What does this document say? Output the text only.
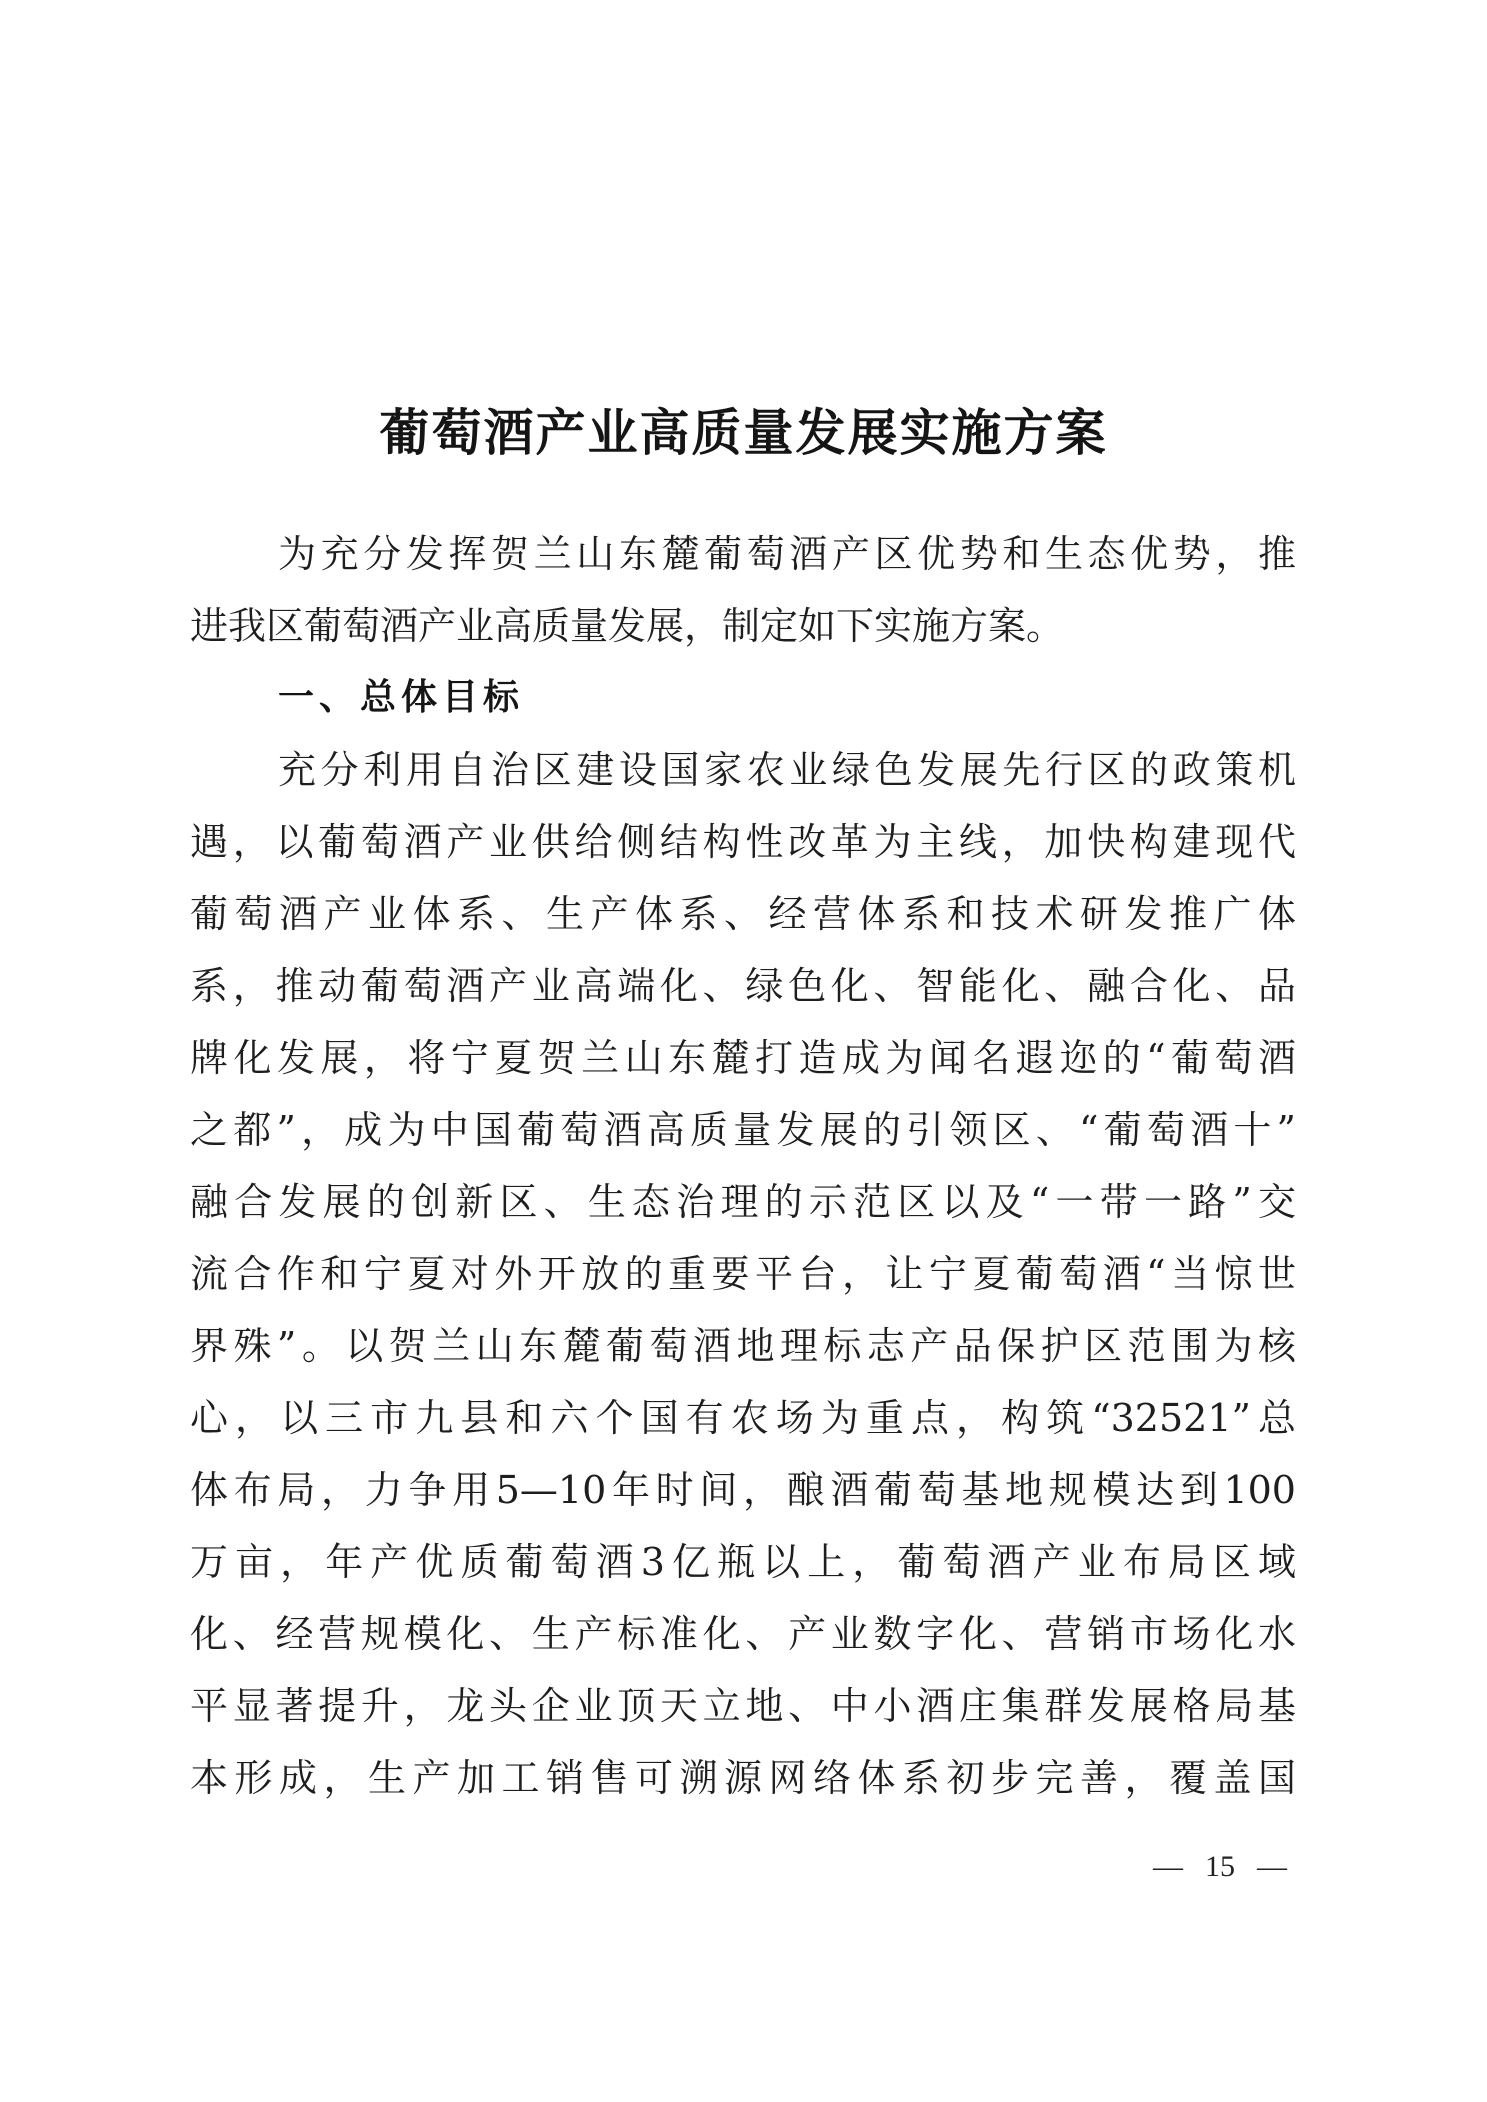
葡萄酒产业高质量发展实施方案
为充分发挥贺兰山东麓葡萄酒产区优势和生态优势，推
进我区葡萄酒产业高质量发展，制定如下实施方案。
一、总体目标
充分利用自治区建设国家农业绿色发展先行区的政策机
遇，以葡萄酒产业供给侧结构性改革为主线，加快构建现代
葡萄酒产业体系、生产体系、经营体系和技术研发推广体
系，推动葡萄酒产业高端化、绿色化、智能化、融合化、品
牌化发展，将宁夏贺兰山东麓打造成为闻名遐迩的“葡萄酒
之都”，成为中国葡萄酒高质量发展的引领区、“葡萄酒十”
融合发展的创新区、生态治理的示范区以及“一带一路”交
流合作和宁夏对外开放的重要平台，让宁夏葡萄酒“当惊世
界殊”。以贺兰山东麓葡萄酒地理标志产品保护区范围为核
心，以三市九县和六个国有农场为重点，构筑“32521”总
体布局，力争用5—10年时间，酿酒葡萄基地规模达到100
万亩，年产优质葡萄酒3亿瓶以上，葡萄酒产业布局区域
化、经营规模化、生产标准化、产业数字化、营销市场化水
平显著提升，龙头企业顶天立地、中小酒庄集群发展格局基
本形成，生产加工销售可溯源网络体系初步完善，覆盖国
— 15 —
